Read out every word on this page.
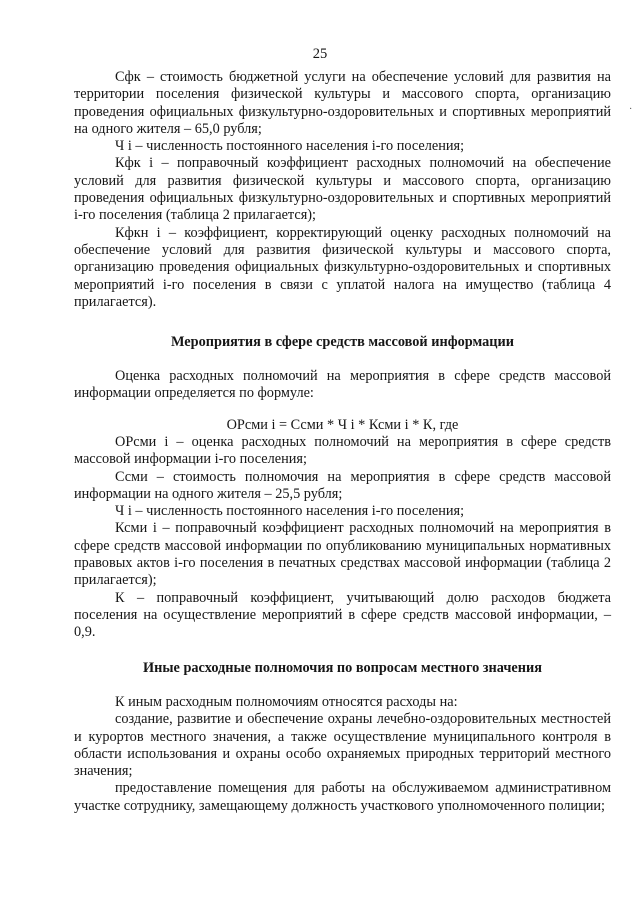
25
·

Сфк – стоимость бюджетной услуги на обеспечение условий для развития на территории поселения физической культуры и массового спорта, организацию проведения официальных физкультурно-оздоровительных и спортивных мероприятий на одного жителя – 65,0 рубля;

Ч i – численность постоянного населения i-го поселения;

Кфк i – поправочный коэффициент расходных полномочий на обеспечение условий для развития физической культуры и массового спорта, организацию проведения официальных физкультурно-оздоровительных и спортивных мероприятий i-го поселения (таблица 2 прилагается);

Кфкн i – коэффициент, корректирующий оценку расходных полномочий на обеспечение условий для развития физической культуры и массового спорта, организацию проведения официальных физкультурно-оздоровительных и спортивных мероприятий i-го поселения в связи с уплатой налога на имущество (таблица 4 прилагается).

Мероприятия в сфере средств массовой информации

Оценка расходных полномочий на мероприятия в сфере средств массовой информации определяется по формуле:

ОРсми i = Ссми * Ч i * Ксми i * К, где

ОРсми i – оценка расходных полномочий на мероприятия в сфере средств массовой информации i-го поселения;

Ссми – стоимость полномочия на мероприятия в сфере средств массовой информации на одного жителя – 25,5 рубля;

Ч i – численность постоянного населения i-го поселения;

Ксми i – поправочный коэффициент расходных полномочий на мероприятия в сфере средств массовой информации по опубликованию муниципальных нормативных правовых актов i-го поселения в печатных средствах массовой информации (таблица 2 прилагается);

К – поправочный коэффициент, учитывающий долю расходов бюджета поселения на осуществление мероприятий в сфере средств массовой информации, – 0,9.

Иные расходные полномочия по вопросам местного значения

К иным расходным полномочиям относятся расходы на:

создание, развитие и обеспечение охраны лечебно-оздоровительных местностей и курортов местного значения, а также осуществление муниципального контроля в области использования и охраны особо охраняемых природных территорий местного значения;

предоставление помещения для работы на обслуживаемом административном участке сотруднику, замещающему должность участкового уполномоченного полиции;
